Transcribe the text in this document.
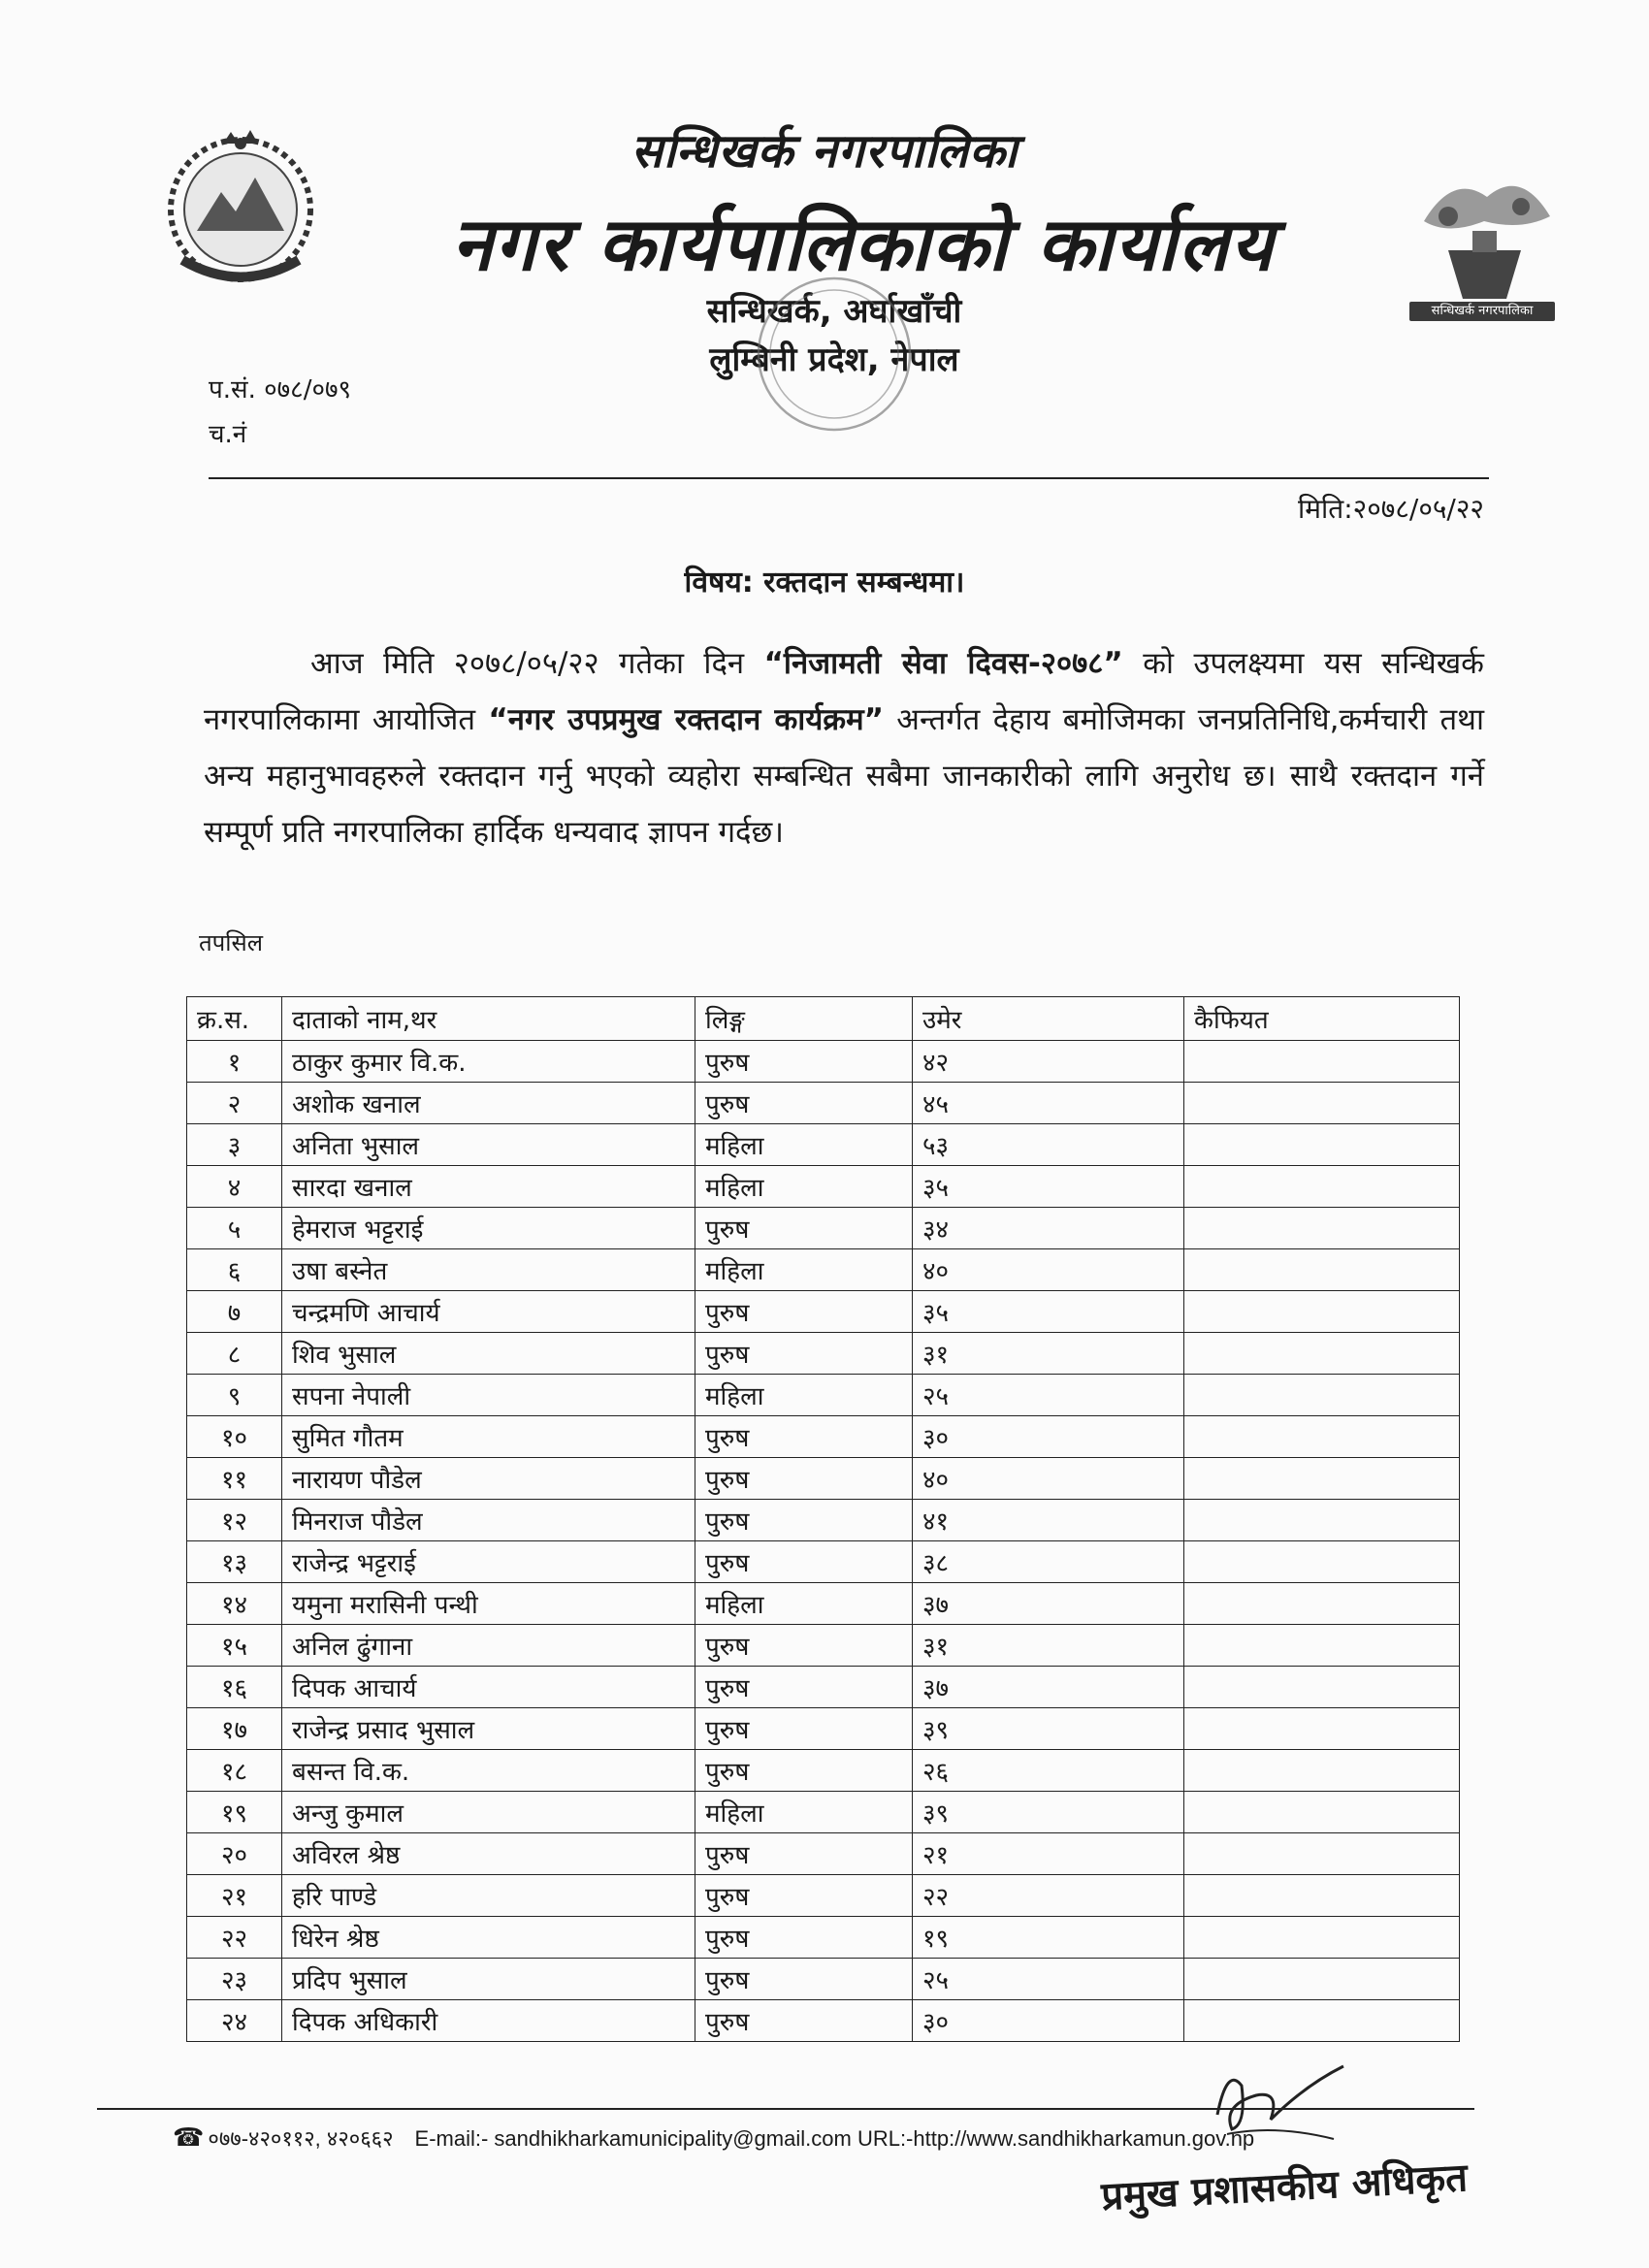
सन्धिखर्क नगरपालिका
नगर कार्यपालिकाको कार्यालय
सन्धिखर्क, अर्घाखाँची
लुम्बिनी प्रदेश, नेपाल
सन्धिखर्क नगरपालिका
प.सं. ०७८/०७९
च.नं
मिति:२०७८/०५/२२
विषय: रक्तदान सम्बन्धमा।
आज मिति २०७८/०५/२२ गतेका दिन “निजामती सेवा दिवस-२०७८” को उपलक्ष्यमा यस सन्धिखर्क नगरपालिकामा आयोजित “नगर उपप्रमुख रक्तदान कार्यक्रम” अन्तर्गत देहाय बमोजिमका जनप्रतिनिधि,कर्मचारी तथा अन्य महानुभावहरुले रक्तदान गर्नु भएको व्यहोरा सम्बन्धित सबैमा जानकारीको लागि अनुरोध छ। साथै रक्तदान गर्ने सम्पूर्ण प्रति नगरपालिका हार्दिक धन्यवाद ज्ञापन गर्दछ।
तपसिल
क्र.स.	दाताको नाम,थर	लिङ्ग	उमेर	कैफियत
१	ठाकुर कुमार वि.क.	पुरुष	४२	
२	अशोक खनाल	पुरुष	४५	
३	अनिता भुसाल	महिला	५३	
४	सारदा खनाल	महिला	३५	
५	हेमराज भट्टराई	पुरुष	३४	
६	उषा बस्नेत	महिला	४०	
७	चन्द्रमणि आचार्य	पुरुष	३५	
८	शिव भुसाल	पुरुष	३१	
९	सपना नेपाली	महिला	२५	
१०	सुमित गौतम	पुरुष	३०	
११	नारायण पौडेल	पुरुष	४०	
१२	मिनराज पौडेल	पुरुष	४१	
१३	राजेन्द्र भट्टराई	पुरुष	३८	
१४	यमुना मरासिनी पन्थी	महिला	३७	
१५	अनिल ढुंगाना	पुरुष	३१	
१६	दिपक आचार्य	पुरुष	३७	
१७	राजेन्द्र प्रसाद भुसाल	पुरुष	३९	
१८	बसन्त वि.क.	पुरुष	२६	
१९	अन्जु कुमाल	महिला	३९	
२०	अविरल श्रेष्ठ	पुरुष	२१	
२१	हरि पाण्डे	पुरुष	२२	
२२	धिरेन श्रेष्ठ	पुरुष	१९	
२३	प्रदिप भुसाल	पुरुष	२५	
२४	दिपक अधिकारी	पुरुष	३०	
☎ ०७७-४२०११२, ४२०६६२ E-mail:- sandhikharkamunicipality@gmail.com URL:-http://www.sandhikharkamun.gov.np
प्रमुख प्रशासकीय अधिकृत
